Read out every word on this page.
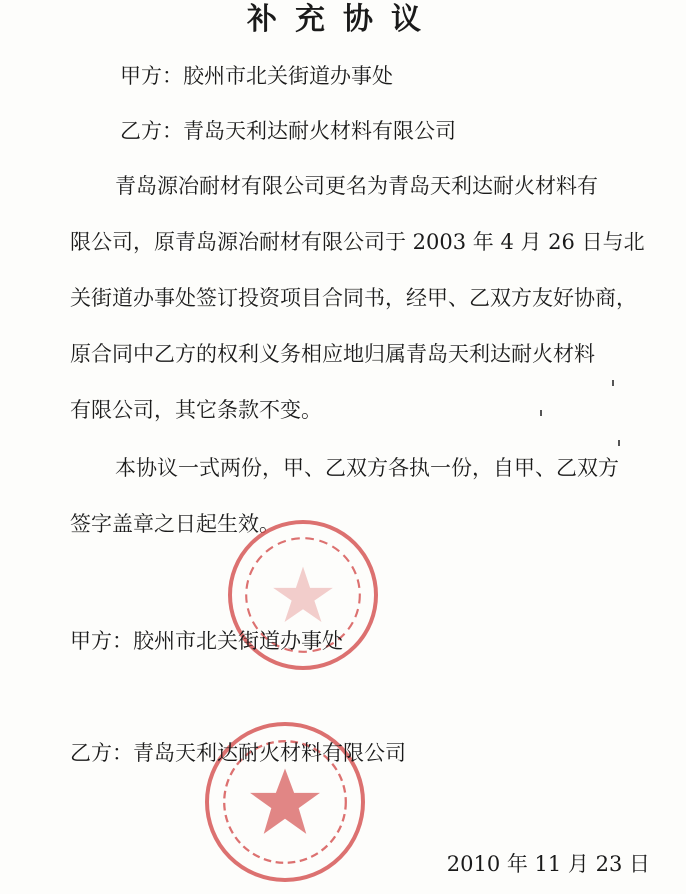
补充协议
甲方：胶州市北关街道办事处
乙方：青岛天利达耐火材料有限公司
青岛源冶耐材有限公司更名为青岛天利达耐火材料有
限公司，原青岛源冶耐材有限公司于 2003 年 4 月 26 日与北
关街道办事处签订投资项目合同书，经甲、乙双方友好协商，
原合同中乙方的权利义务相应地归属青岛天利达耐火材料
有限公司，其它条款不变。
本协议一式两份，甲、乙双方各执一份，自甲、乙双方
签字盖章之日起生效。
甲方：胶州市北关街道办事处
乙方：青岛天利达耐火材料有限公司
2010 年 11 月 23 日
